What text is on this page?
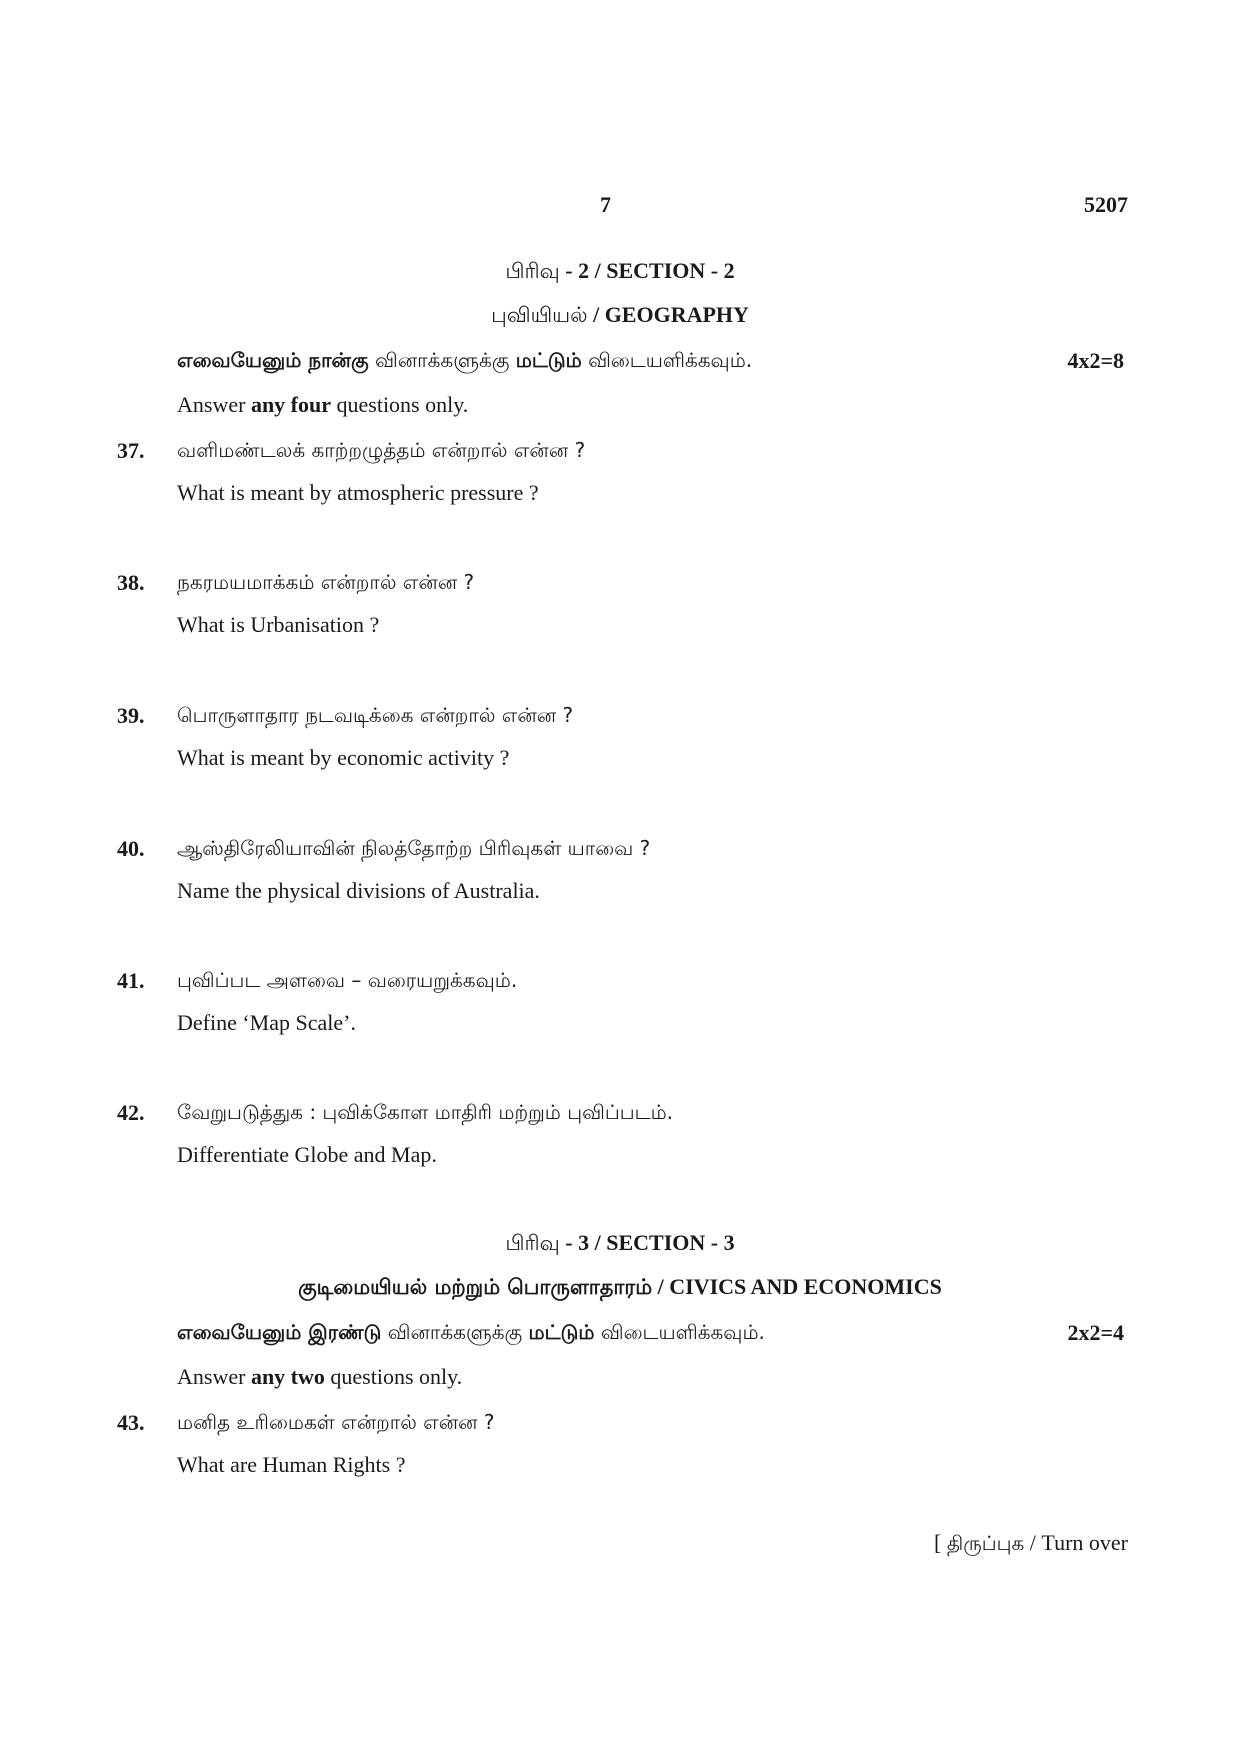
7	5207
பிரிவு - 2 / SECTION - 2
புவியியல் / GEOGRAPHY
எவையேனும் நான்கு வினாக்களுக்கு மட்டும் விடையளிக்கவும்.	4x2=8
Answer any four questions only.
37. வளிமண்டலக் காற்றழுத்தம் என்றால் என்ன ?
What is meant by atmospheric pressure ?
38. நகரமயமாக்கம் என்றால் என்ன ?
What is Urbanisation ?
39. பொருளாதார நடவடிக்கை என்றால் என்ன ?
What is meant by economic activity ?
40. ஆஸ்திரேலியாவின் நிலத்தோற்ற பிரிவுகள் யாவை ?
Name the physical divisions of Australia.
41. புவிப்பட அளவை – வரையறுக்கவும்.
Define ‘Map Scale’.
42. வேறுபடுத்துக : புவிக்கோள மாதிரி மற்றும் புவிப்படம்.
Differentiate Globe and Map.
பிரிவு - 3 / SECTION - 3
குடிமையியல் மற்றும் பொருளாதாரம் / CIVICS AND ECONOMICS
எவையேனும் இரண்டு வினாக்களுக்கு மட்டும் விடையளிக்கவும்.	2x2=4
Answer any two questions only.
43. மனித உரிமைகள் என்றால் என்ன ?
What are Human Rights ?
[ திருப்புக / Turn over
